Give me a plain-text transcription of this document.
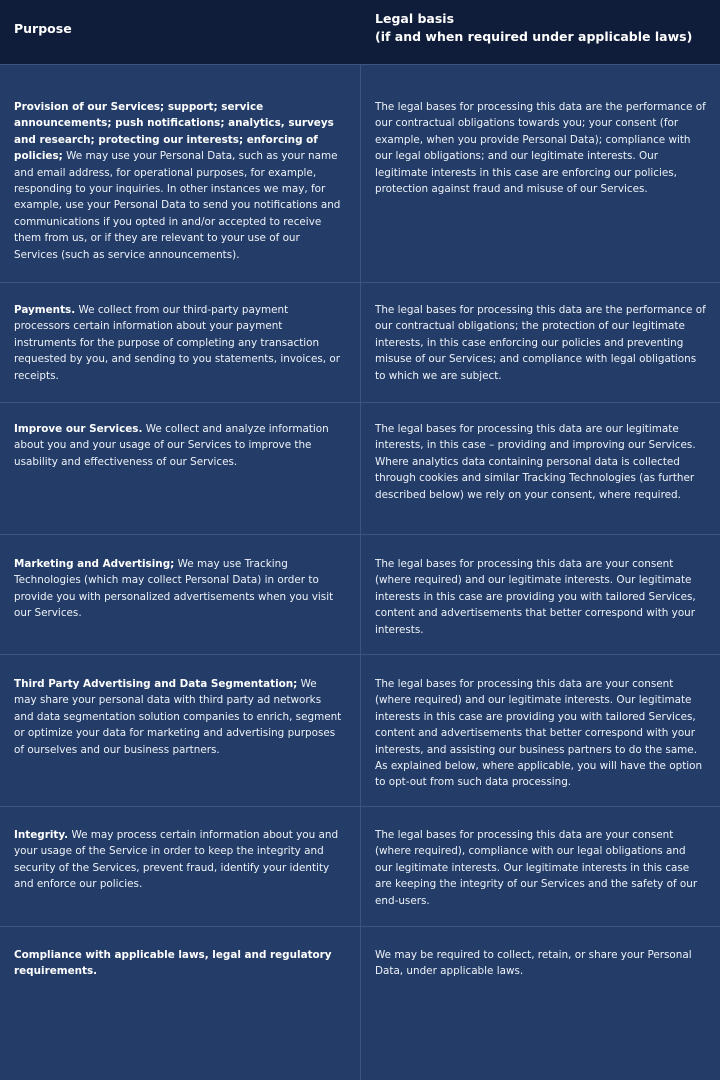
Purpose
Legal basis
(if and when required under applicable laws)
Provision of our Services; support; service announcements; push notifications; analytics, surveys and research; protecting our interests; enforcing of policies; We may use your Personal Data, such as your name and email address, for operational purposes, for example, responding to your inquiries. In other instances we may, for example, use your Personal Data to send you notifications and communications if you opted in and/or accepted to receive them from us, or if they are relevant to your use of our Services (such as service announcements).
The legal bases for processing this data are the performance of our contractual obligations towards you; your consent (for example, when you provide Personal Data); compliance with our legal obligations; and our legitimate interests. Our legitimate interests in this case are enforcing our policies, protection against fraud and misuse of our Services.
Payments. We collect from our third-party payment processors certain information about your payment instruments for the purpose of completing any transaction requested by you, and sending to you statements, invoices, or receipts.
The legal bases for processing this data are the performance of our contractual obligations; the protection of our legitimate interests, in this case enforcing our policies and preventing misuse of our Services; and compliance with legal obligations to which we are subject.
Improve our Services. We collect and analyze information about you and your usage of our Services to improve the usability and effectiveness of our Services.
The legal bases for processing this data are our legitimate interests, in this case – providing and improving our Services. Where analytics data containing personal data is collected through cookies and similar Tracking Technologies (as further described below) we rely on your consent, where required.
Marketing and Advertising; We may use Tracking Technologies (which may collect Personal Data) in order to provide you with personalized advertisements when you visit our Services.
The legal bases for processing this data are your consent (where required) and our legitimate interests. Our legitimate interests in this case are providing you with tailored Services, content and advertisements that better correspond with your interests.
Third Party Advertising and Data Segmentation; We may share your personal data with third party ad networks and data segmentation solution companies to enrich, segment or optimize your data for marketing and advertising purposes of ourselves and our business partners.
The legal bases for processing this data are your consent (where required) and our legitimate interests. Our legitimate interests in this case are providing you with tailored Services, content and advertisements that better correspond with your interests, and assisting our business partners to do the same. As explained below, where applicable, you will have the option to opt-out from such data processing.
Integrity. We may process certain information about you and your usage of the Service in order to keep the integrity and security of the Services, prevent fraud, identify your identity and enforce our policies.
The legal bases for processing this data are your consent (where required), compliance with our legal obligations and our legitimate interests. Our legitimate interests in this case are keeping the integrity of our Services and the safety of our end-users.
Compliance with applicable laws, legal and regulatory requirements.
We may be required to collect, retain, or share your Personal Data, under applicable laws.
